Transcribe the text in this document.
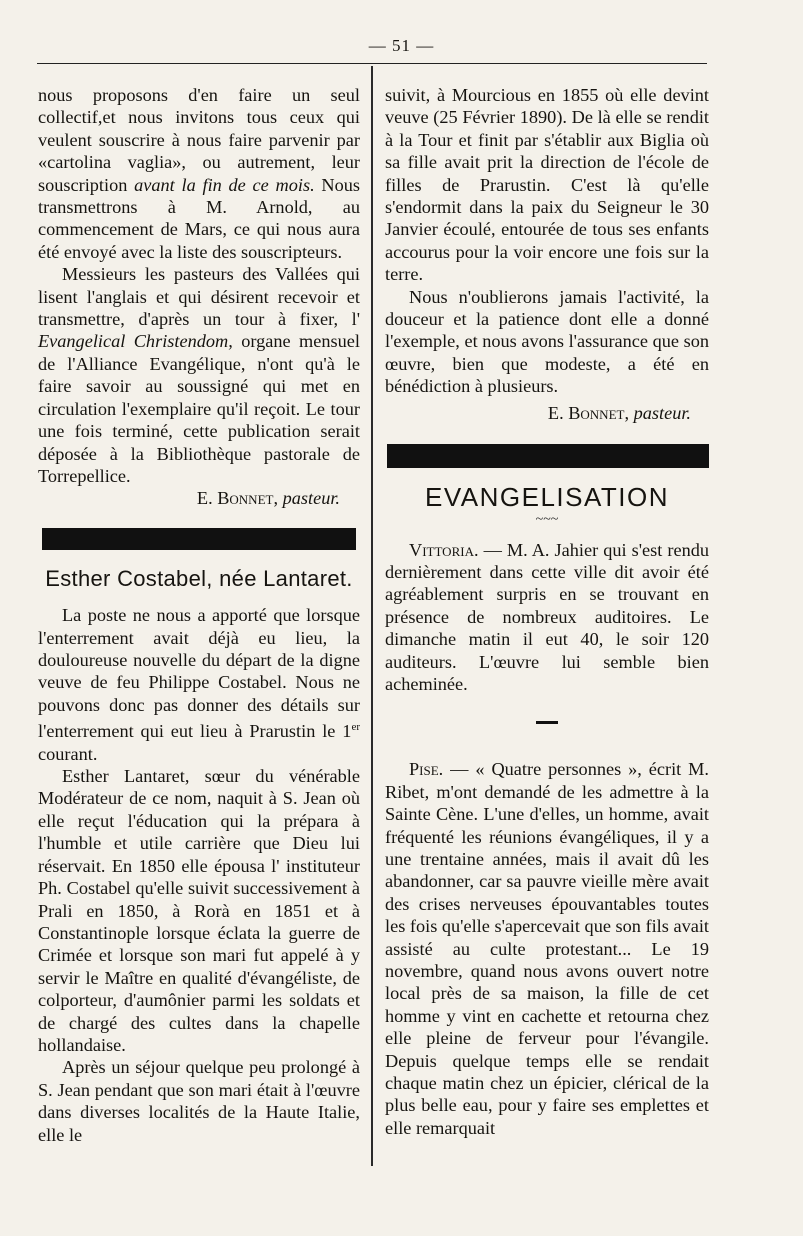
— 51 —

nous proposons d'en faire un seul collectif,et nous invitons tous ceux qui veulent souscrire à nous faire parvenir par «cartolina vaglia», ou autrement, leur souscription avant la fin de ce mois. Nous transmettrons à M. Arnold, au commencement de Mars, ce qui nous aura été envoyé avec la liste des souscripteurs.

Messieurs les pasteurs des Vallées qui lisent l'anglais et qui désirent recevoir et transmettre, d'après un tour à fixer, l' Evangelical Christendom, organe mensuel de l'Alliance Evangélique, n'ont qu'à le faire savoir au soussigné qui met en circulation l'exemplaire qu'il reçoit. Le tour une fois terminé, cette publication serait déposée à la Bibliothèque pastorale de Torrepellice.

E. Bonnet, pasteur.

Esther Costabel, née Lantaret.

La poste ne nous a apporté que lorsque l'enterrement avait déjà eu lieu, la douloureuse nouvelle du départ de la digne veuve de feu Philippe Costabel. Nous ne pouvons donc pas donner des détails sur l'enterrement qui eut lieu à Prarustin le 1er courant.

Esther Lantaret, sœur du vénérable Modérateur de ce nom, naquit à S. Jean où elle reçut l'éducation qui la prépara à l'humble et utile carrière que Dieu lui réservait. En 1850 elle épousa l' instituteur Ph. Costabel qu'elle suivit successivement à Prali en 1850, à Rorà en 1851 et à Constantinople lorsque éclata la guerre de Crimée et lorsque son mari fut appelé à y servir le Maître en qualité d'évangéliste, de colporteur, d'aumônier parmi les soldats et de chargé des cultes dans la chapelle hollandaise.

Après un séjour quelque peu prolongé à S. Jean pendant que son mari était à l'œuvre dans diverses localités de la Haute Italie, elle le

suivit, à Mourcious en 1855 où elle devint veuve (25 Février 1890). De là elle se rendit à la Tour et finit par s'établir aux Biglia où sa fille avait prit la direction de l'école de filles de Prarustin. C'est là qu'elle s'endormit dans la paix du Seigneur le 30 Janvier écoulé, entourée de tous ses enfants accourus pour la voir encore une fois sur la terre.

Nous n'oublierons jamais l'activité, la douceur et la patience dont elle a donné l'exemple, et nous avons l'assurance que son œuvre, bien que modeste, a été en bénédiction à plusieurs.

E. Bonnet, pasteur.

EVANGELISATION
~~~

Vittoria. — M. A. Jahier qui s'est rendu dernièrement dans cette ville dit avoir été agréablement surpris en se trouvant en présence de nombreux auditoires. Le dimanche matin il eut 40, le soir 120 auditeurs. L'œuvre lui semble bien acheminée.

Pise. — « Quatre personnes », écrit M. Ribet, m'ont demandé de les admettre à la Sainte Cène. L'une d'elles, un homme, avait fréquenté les réunions évangéliques, il y a une trentaine années, mais il avait dû les abandonner, car sa pauvre vieille mère avait des crises nerveuses épouvantables toutes les fois qu'elle s'apercevait que son fils avait assisté au culte protestant... Le 19 novembre, quand nous avons ouvert notre local près de sa maison, la fille de cet homme y vint en cachette et retourna chez elle pleine de ferveur pour l'évangile. Depuis quelque temps elle se rendait chaque matin chez un épicier, clérical de la plus belle eau, pour y faire ses emplettes et elle remarquait
